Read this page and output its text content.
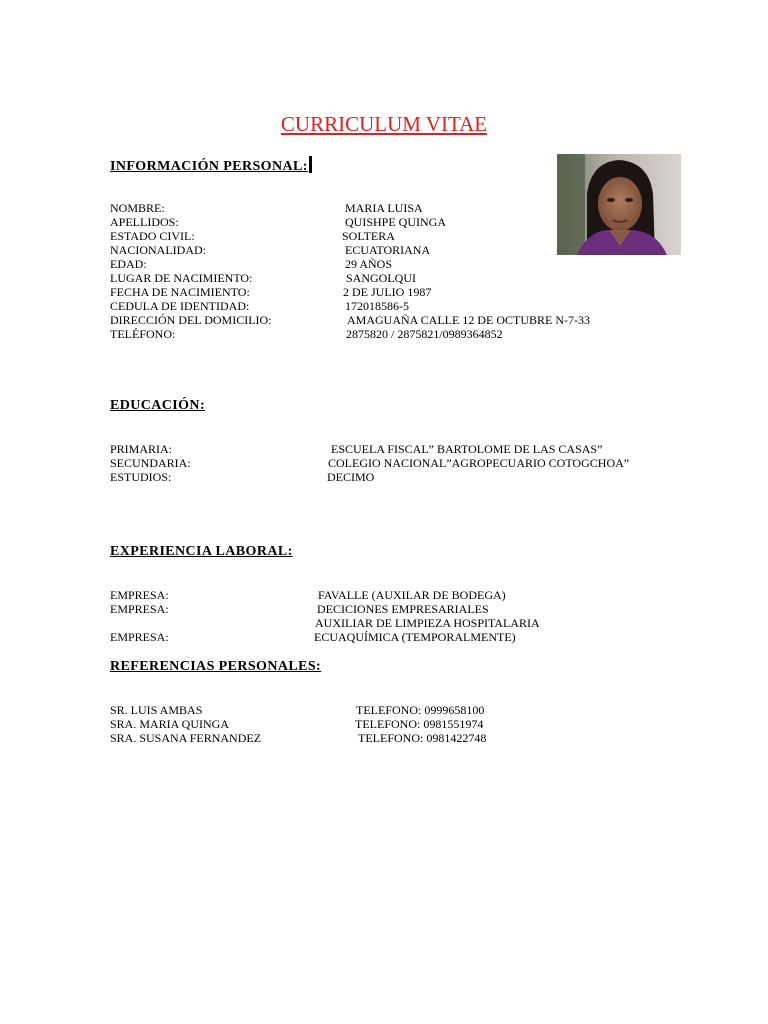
CURRICULUM VITAE
INFORMACIÓN PERSONAL:
NOMBRE:	MARIA LUISA
APELLIDOS:	QUISHPE QUINGA
ESTADO CIVIL:	SOLTERA
NACIONALIDAD:	ECUATORIANA
EDAD:	29 AÑOS
LUGAR DE NACIMIENTO:	SANGOLQUI
FECHA DE NACIMIENTO:	2 DE JULIO 1987
CEDULA DE IDENTIDAD:	172018586-5
DIRECCIÓN DEL DOMICILIO:	AMAGUAÑA CALLE 12 DE OCTUBRE N-7-33
TELÉFONO:	2875820 / 2875821/0989364852
EDUCACIÓN:
PRIMARIA:	ESCUELA FISCAL” BARTOLOME DE LAS CASAS”
SECUNDARIA:	COLEGIO NACIONAL”AGROPECUARIO COTOGCHOA”
ESTUDIOS:	DECIMO
EXPERIENCIA LABORAL:
EMPRESA:	FAVALLE (AUXILAR DE BODEGA)
EMPRESA:	DECICIONES EMPRESARIALES
AUXILIAR DE LIMPIEZA HOSPITALARIA
EMPRESA:	ECUAQUÍMICA (TEMPORALMENTE)
REFERENCIAS PERSONALES:
SR. LUIS AMBAS	TELEFONO: 0999658100
SRA. MARIA QUINGA	TELEFONO: 0981551974
SRA. SUSANA FERNANDEZ	TELEFONO: 0981422748
